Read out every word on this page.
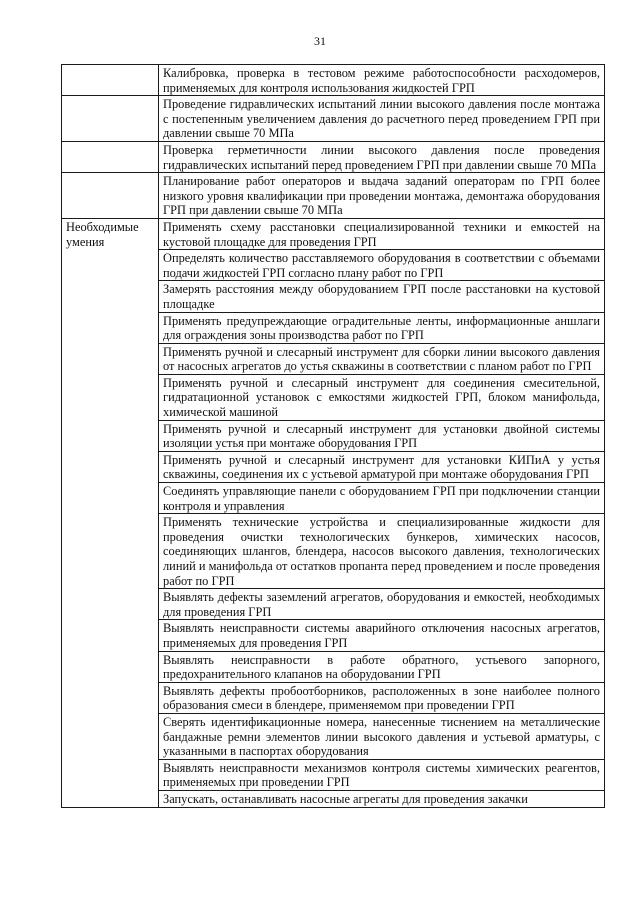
31
	Калибровка, проверка в тестовом режиме работоспособности расходомеров, применяемых для контроля использования жидкостей ГРП
	Проведение гидравлических испытаний линии высокого давления после монтажа с постепенным увеличением давления до расчетного перед проведением ГРП при давлении свыше 70 МПа
	Проверка герметичности линии высокого давления после проведения гидравлических испытаний перед проведением ГРП при давлении свыше 70 МПа
	Планирование работ операторов и выдача заданий операторам по ГРП более низкого уровня квалификации при проведении монтажа, демонтажа оборудования ГРП при давлении свыше 70 МПа
Необходимые умения	Применять схему расстановки специализированной техники и емкостей на кустовой площадке для проведения ГРП
	Определять количество расставляемого оборудования в соответствии с объемами подачи жидкостей ГРП согласно плану работ по ГРП
	Замерять расстояния между оборудованием ГРП после расстановки на кустовой площадке
	Применять предупреждающие оградительные ленты, информационные аншлаги для ограждения зоны производства работ по ГРП
	Применять ручной и слесарный инструмент для сборки линии высокого давления от насосных агрегатов до устья скважины в соответствии с планом работ по ГРП
	Применять ручной и слесарный инструмент для соединения смесительной, гидратационной установок с емкостями жидкостей ГРП, блоком манифольда, химической машиной
	Применять ручной и слесарный инструмент для установки двойной системы изоляции устья при монтаже оборудования ГРП
	Применять ручной и слесарный инструмент для установки КИПиА у устья скважины, соединения их с устьевой арматурой при монтаже оборудования ГРП
	Соединять управляющие панели с оборудованием ГРП при подключении станции контроля и управления
	Применять технические устройства и специализированные жидкости для проведения очистки технологических бункеров, химических насосов, соединяющих шлангов, блендера, насосов высокого давления, технологических линий и манифольда от остатков пропанта перед проведением и после проведения работ по ГРП
	Выявлять дефекты заземлений агрегатов, оборудования и емкостей, необходимых для проведения ГРП
	Выявлять неисправности системы аварийного отключения насосных агрегатов, применяемых для проведения ГРП
	Выявлять неисправности в работе обратного, устьевого запорного, предохранительного клапанов на оборудовании ГРП
	Выявлять дефекты пробоотборников, расположенных в зоне наиболее полного образования смеси в блендере, применяемом при проведении ГРП
	Сверять идентификационные номера, нанесенные тиснением на металлические бандажные ремни элементов линии высокого давления и устьевой арматуры, с указанными в паспортах оборудования
	Выявлять неисправности механизмов контроля системы химических реагентов, применяемых при проведении ГРП
	Запускать, останавливать насосные агрегаты для проведения закачки
